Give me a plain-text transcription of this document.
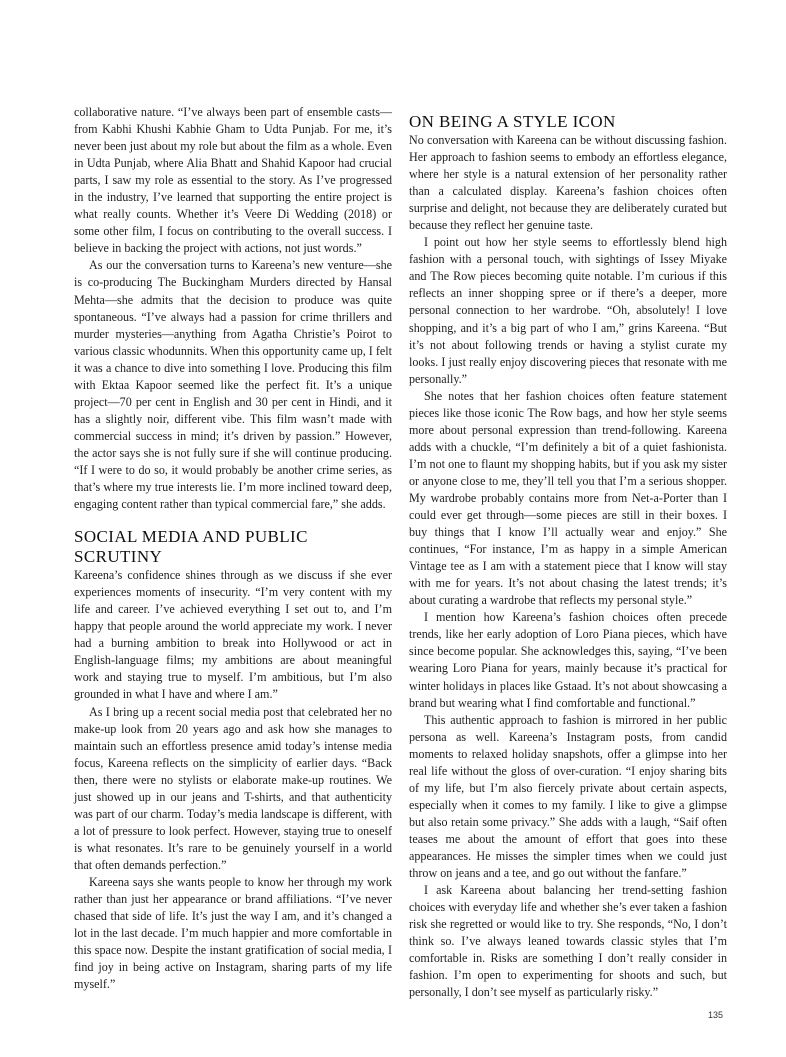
collaborative nature. “I’ve always been part of ensemble casts—from Kabhi Khushi Kabhie Gham to Udta Punjab. For me, it’s never been just about my role but about the film as a whole. Even in Udta Punjab, where Alia Bhatt and Shahid Kapoor had crucial parts, I saw my role as essential to the story. As I’ve progressed in the industry, I’ve learned that supporting the entire project is what really counts. Whether it’s Veere Di Wedding (2018) or some other film, I focus on contributing to the overall success. I believe in backing the project with actions, not just words.”

As our the conversation turns to Kareena’s new venture—she is co-producing The Buckingham Murders directed by Hansal Mehta—she admits that the decision to produce was quite spontaneous. “I’ve always had a passion for crime thrillers and murder mysteries—anything from Agatha Christie’s Poirot to various classic whodunnits. When this opportunity came up, I felt it was a chance to dive into something I love. Producing this film with Ektaa Kapoor seemed like the perfect fit. It’s a unique project—70 per cent in English and 30 per cent in Hindi, and it has a slightly noir, different vibe. This film wasn’t made with commercial success in mind; it’s driven by passion.” However, the actor says she is not fully sure if she will continue producing. “If I were to do so, it would probably be another crime series, as that’s where my true interests lie. I’m more inclined toward deep, engaging content rather than typical commercial fare,” she adds.

SOCIAL MEDIA AND PUBLIC SCRUTINY

Kareena’s confidence shines through as we discuss if she ever experiences moments of insecurity. “I’m very content with my life and career. I’ve achieved everything I set out to, and I’m happy that people around the world appreciate my work. I never had a burning ambition to break into Hollywood or act in English-language films; my ambitions are about meaningful work and staying true to myself. I’m ambitious, but I’m also grounded in what I have and where I am.”

As I bring up a recent social media post that celebrated her no make-up look from 20 years ago and ask how she manages to maintain such an effortless presence amid today’s intense media focus, Kareena reflects on the simplicity of earlier days. “Back then, there were no stylists or elaborate make-up routines. We just showed up in our jeans and T-shirts, and that authenticity was part of our charm. Today’s media landscape is different, with a lot of pressure to look perfect. However, staying true to oneself is what resonates. It’s rare to be genuinely yourself in a world that often demands perfection.”

Kareena says she wants people to know her through my work rather than just her appearance or brand affiliations. “I’ve never chased that side of life. It’s just the way I am, and it’s changed a lot in the last decade. I’m much happier and more comfortable in this space now. Despite the instant gratification of social media, I find joy in being active on Instagram, sharing parts of my life myself.”

ON BEING A STYLE ICON

No conversation with Kareena can be without discussing fashion. Her approach to fashion seems to embody an effortless elegance, where her style is a natural extension of her personality rather than a calculated display. Kareena’s fashion choices often surprise and delight, not because they are deliberately curated but because they reflect her genuine taste.

I point out how her style seems to effortlessly blend high fashion with a personal touch, with sightings of Issey Miyake and The Row pieces becoming quite notable. I’m curious if this reflects an inner shopping spree or if there’s a deeper, more personal connection to her wardrobe. “Oh, absolutely! I love shopping, and it’s a big part of who I am,” grins Kareena. “But it’s not about following trends or having a stylist curate my looks. I just really enjoy discovering pieces that resonate with me personally.”

She notes that her fashion choices often feature statement pieces like those iconic The Row bags, and how her style seems more about personal expression than trend-following. Kareena adds with a chuckle, “I’m definitely a bit of a quiet fashionista. I’m not one to flaunt my shopping habits, but if you ask my sister or anyone close to me, they’ll tell you that I’m a serious shopper. My wardrobe probably contains more from Net-a-Porter than I could ever get through—some pieces are still in their boxes. I buy things that I know I’ll actually wear and enjoy.” She continues, “For instance, I’m as happy in a simple American Vintage tee as I am with a statement piece that I know will stay with me for years. It’s not about chasing the latest trends; it’s about curating a wardrobe that reflects my personal style.”

I mention how Kareena’s fashion choices often precede trends, like her early adoption of Loro Piana pieces, which have since become popular. She acknowledges this, saying, “I’ve been wearing Loro Piana for years, mainly because it’s practical for winter holidays in places like Gstaad. It’s not about showcasing a brand but wearing what I find comfortable and functional.”

This authentic approach to fashion is mirrored in her public persona as well. Kareena’s Instagram posts, from candid moments to relaxed holiday snapshots, offer a glimpse into her real life without the gloss of over-curation. “I enjoy sharing bits of my life, but I’m also fiercely private about certain aspects, especially when it comes to my family. I like to give a glimpse but also retain some privacy.” She adds with a laugh, “Saif often teases me about the amount of effort that goes into these appearances. He misses the simpler times when we could just throw on jeans and a tee, and go out without the fanfare.”

I ask Kareena about balancing her trend-setting fashion choices with everyday life and whether she’s ever taken a fashion risk she regretted or would like to try. She responds, “No, I don’t think so. I’ve always leaned towards classic styles that I’m comfortable in. Risks are something I don’t really consider in fashion. I’m open to experimenting for shoots and such, but personally, I don’t see myself as particularly risky.”

135
